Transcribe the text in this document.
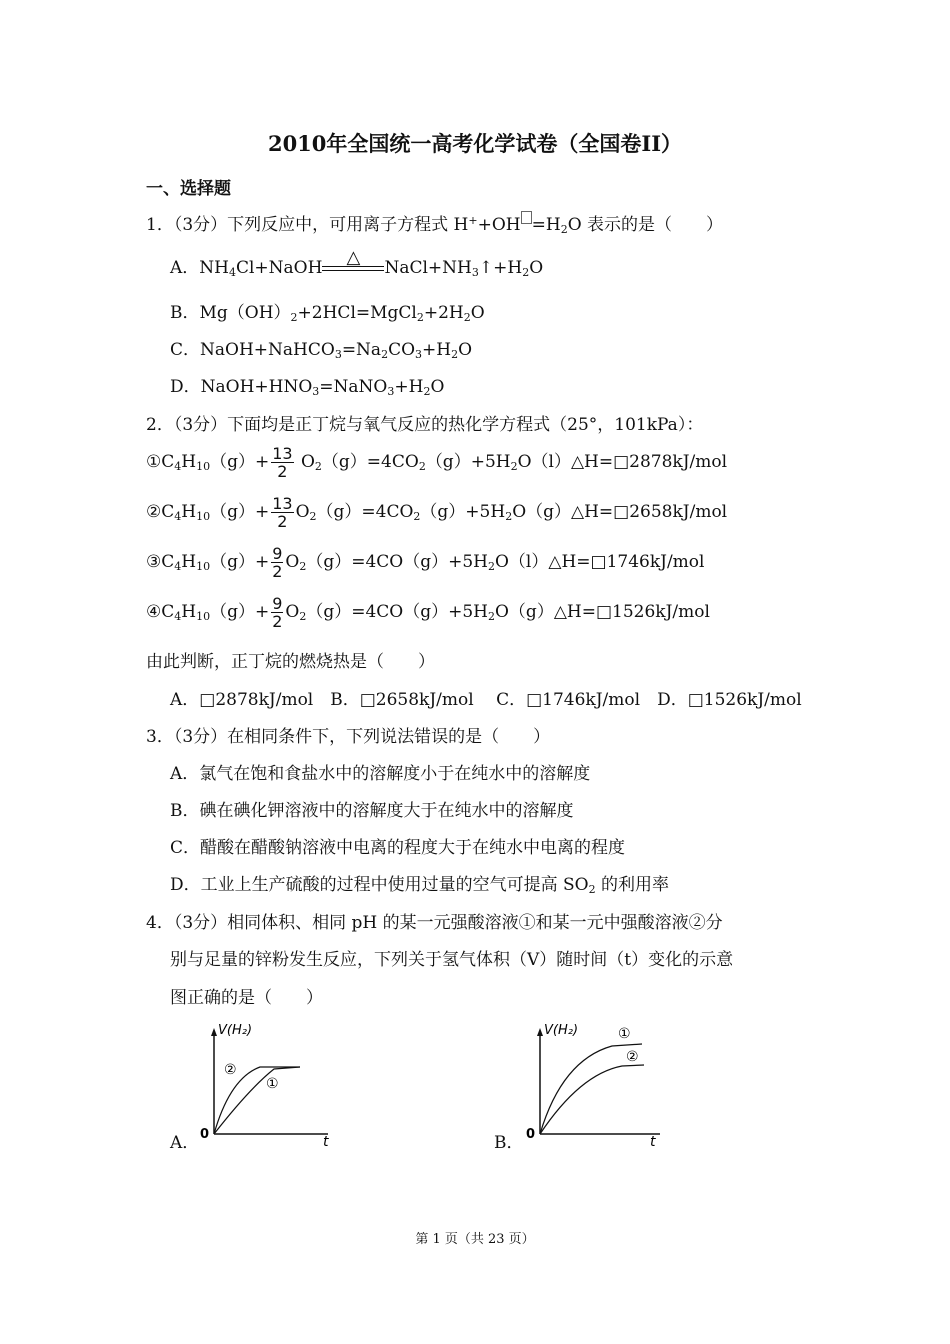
2010年全国统一高考化学试卷（全国卷II）
一、选择题
1．（3分）下列反应中，可用离子方程式 $H^++OH =H_2O$ 表示的是（　　）
A．$NH_4Cl+NaOH$
△
$NaCl+NH_3↑+H_2O$
B．$Mg(OH)_2+2HCl=MgCl_2+2H_2O$
C．$NaOH+NaHCO_3=Na_2CO_3+H_2O$
D．$NaOH+HNO_3=NaNO_3+H_2O$
2．（3分）下面均是正丁烷与氧气反应的热化学方程式（25°，101kPa）：
$①C_4H_{10}(g)+ \frac{13}{2}$ $O_2(g)=4CO_2(g)+5H_2O(l)\triangle H=□2878kJ$/mol
$②C_4H_{10}(g)+ \frac{13}{2}$ $O_2(g)=4CO_2(g)+5H_2O(g)\triangle H=□2658kJ$/mol
$③C_4H_{10}(g)+ \frac{9}{2}$ $O_2(g)=4CO(g)+5H_2O(l)\triangle H=□1746kJ$/mol
$④C_4H_{10}(g)+ \frac{9}{2}$ $O_2(g)=4CO(g)+5H_2O(g)\triangle H=□1526kJ$/mol
由此判断，正丁烷的燃烧热是（　　）
A．□2878kJ/mol　B．□2658kJ/mol　 C．□1746kJ/mol　D．□1526kJ/mol
3．（3分）在相同条件下，下列说法错误的是（　　）
A．氯气在饱和食盐水中的溶解度小于在纯水中的溶解度
B．碘在碘化钾溶液中的溶解度大于在纯水中的溶解度
C．醋酸在醋酸钠溶液中电离的程度大于在纯水中电离的程度
D．工业上生产硫酸的过程中使用过量的空气可提高 $SO_2$ 的利用率
4．（3分）相同体积、相同 pH 的某一元强酸溶液①和某一元中强酸溶液②分
别与足量的锌粉发生反应，下列关于氢气体积（V）随时间（t）变化的示意
图正确的是（　　）
A．	B．
V(H₂)
0	t
②
①
V(H₂)
0	t
①
②
第 1 页（共 23 页）
